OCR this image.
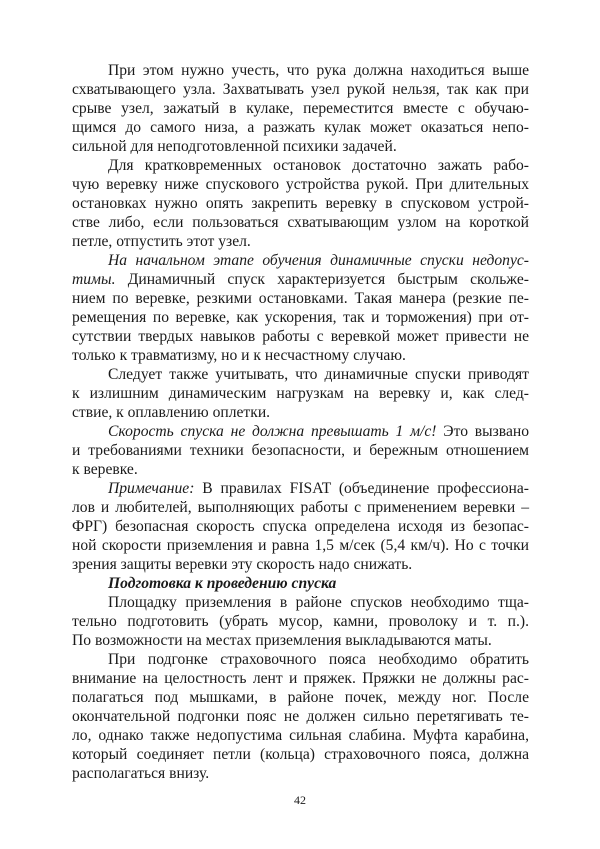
При этом нужно учесть, что рука должна находиться выше
схватывающего узла. Захватывать узел рукой нельзя, так как при
срыве узел, зажатый в кулаке, переместится вместе с обучаю-
щимся до самого низа, а разжать кулак может оказаться непо-
сильной для неподготовленной психики задачей.
Для кратковременных остановок достаточно зажать рабо-
чую веревку ниже спускового устройства рукой. При длительных
остановках нужно опять закрепить веревку в спусковом устрой-
стве либо, если пользоваться схватывающим узлом на короткой
петле, отпустить этот узел.
На начальном этапе обучения динамичные спуски недопус-
тимы. Динамичный спуск характеризуется быстрым скольже-
нием по веревке, резкими остановками. Такая манера (резкие пе-
ремещения по веревке, как ускорения, так и торможения) при от-
сутствии твердых навыков работы с веревкой может привести не
только к травматизму, но и к несчастному случаю.
Следует также учитывать, что динамичные спуски приводят
к излишним динамическим нагрузкам на веревку и, как след-
ствие, к оплавлению оплетки.
Скорость спуска не должна превышать 1 м/с! Это вызвано
и требованиями техники безопасности, и бережным отношением
к веревке.
Примечание: В правилах FISAT (объединение профессиона-
лов и любителей, выполняющих работы с применением веревки –
ФРГ) безопасная скорость спуска определена исходя из безопас-
ной скорости приземления и равна 1,5 м/сек (5,4 км/ч). Но с точки
зрения защиты веревки эту скорость надо снижать.
Подготовка к проведению спуска
Площадку приземления в районе спусков необходимо тща-
тельно подготовить (убрать мусор, камни, проволоку и т. п.).
По возможности на местах приземления выкладываются маты.
При подгонке страховочного пояса необходимо обратить
внимание на целостность лент и пряжек. Пряжки не должны рас-
полагаться под мышками, в районе почек, между ног. После
окончательной подгонки пояс не должен сильно перетягивать те-
ло, однако также недопустима сильная слабина. Муфта карабина,
который соединяет петли (кольца) страховочного пояса, должна
располагаться внизу.
42
